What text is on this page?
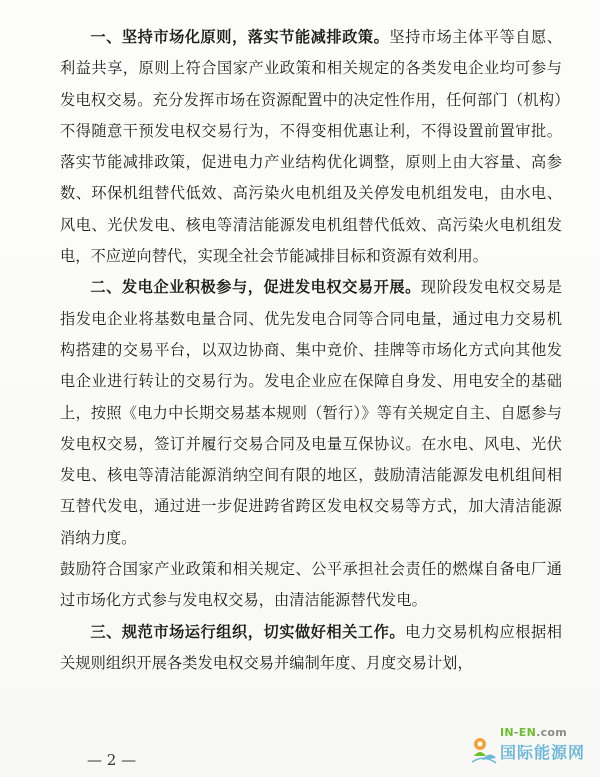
一、坚持市场化原则，落实节能减排政策。坚持市场主体平等自愿、利益共享，原则上符合国家产业政策和相关规定的各类发电企业均可参与发电权交易。充分发挥市场在资源配置中的决定性作用，任何部门（机构）不得随意干预发电权交易行为，不得变相优惠让利，不得设置前置审批。落实节能减排政策，促进电力产业结构优化调整，原则上由大容量、高参数、环保机组替代低效、高污染火电机组及关停发电机组发电，由水电、风电、光伏发电、核电等清洁能源发电机组替代低效、高污染火电机组发电，不应逆向替代，实现全社会节能减排目标和资源有效利用。

二、发电企业积极参与，促进发电权交易开展。现阶段发电权交易是指发电企业将基数电量合同、优先发电合同等合同电量，通过电力交易机构搭建的交易平台，以双边协商、集中竞价、挂牌等市场化方式向其他发电企业进行转让的交易行为。发电企业应在保障自身发、用电安全的基础上，按照《电力中长期交易基本规则（暂行）》等有关规定自主、自愿参与发电权交易，签订并履行交易合同及电量互保协议。在水电、风电、光伏发电、核电等清洁能源消纳空间有限的地区，鼓励清洁能源发电机组间相互替代发电，通过进一步促进跨省跨区发电权交易等方式，加大清洁能源消纳力度。

鼓励符合国家产业政策和相关规定、公平承担社会责任的燃煤自备电厂通过市场化方式参与发电权交易，由清洁能源替代发电。

三、规范市场运行组织，切实做好相关工作。电力交易机构应根据相关规则组织开展各类发电权交易并编制年度、月度交易计划，

— 2 —
IN-EN.com
国际能源网
